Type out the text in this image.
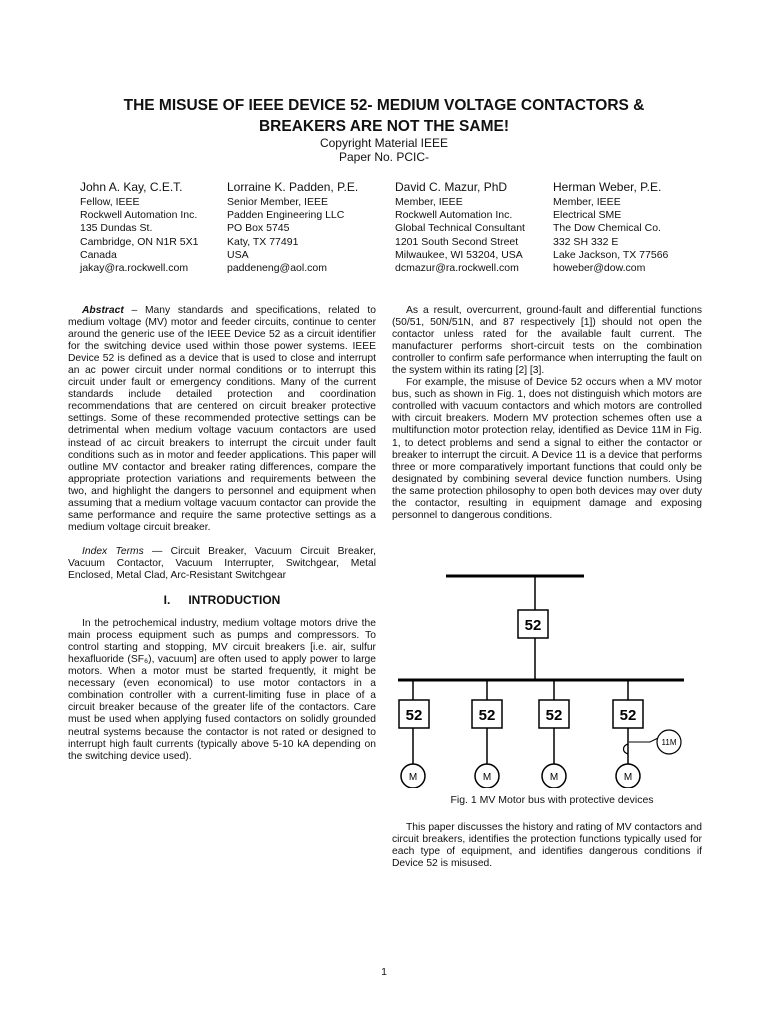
THE MISUSE OF IEEE DEVICE 52- MEDIUM VOLTAGE CONTACTORS &
BREAKERS ARE NOT THE SAME!
Copyright Material IEEE
Paper No. PCIC-
John A. Kay, C.E.T.
Fellow, IEEE
Rockwell Automation Inc.
135 Dundas St.
Cambridge, ON N1R 5X1
Canada
jakay@ra.rockwell.com
Lorraine K. Padden, P.E.
Senior Member, IEEE
Padden Engineering LLC
PO Box 5745
Katy, TX 77491
USA
paddeneng@aol.com
David C. Mazur, PhD
Member, IEEE
Rockwell Automation Inc.
Global Technical Consultant
1201 South Second Street
Milwaukee, WI 53204, USA
dcmazur@ra.rockwell.com
Herman Weber, P.E.
Member, IEEE
Electrical SME
The Dow Chemical Co.
332 SH 332 E
Lake Jackson, TX 77566
howeber@dow.com

Abstract – Many standards and specifications, related to medium voltage (MV) motor and feeder circuits, continue to center around the generic use of the IEEE Device 52 as a circuit identifier for the switching device used within those power systems. IEEE Device 52 is defined as a device that is used to close and interrupt an ac power circuit under normal conditions or to interrupt this circuit under fault or emergency conditions. Many of the current standards include detailed protection and coordination recommendations that are centered on circuit breaker protective settings. Some of these recommended protective settings can be detrimental when medium voltage vacuum contactors are used instead of ac circuit breakers to interrupt the circuit under fault conditions such as in motor and feeder applications. This paper will outline MV contactor and breaker rating differences, compare the appropriate protection variations and requirements between the two, and highlight the dangers to personnel and equipment when assuming that a medium voltage vacuum contactor can provide the same performance and require the same protective settings as a medium voltage circuit breaker.

Index Terms — Circuit Breaker, Vacuum Circuit Breaker, Vacuum Contactor, Vacuum Interrupter, Switchgear, Metal Enclosed, Metal Clad, Arc-Resistant Switchgear

I. INTRODUCTION

In the petrochemical industry, medium voltage motors drive the main process equipment such as pumps and compressors. To control starting and stopping, MV circuit breakers [i.e. air, sulfur hexafluoride (SF₆), vacuum] are often used to apply power to large motors. When a motor must be started frequently, it might be necessary (even economical) to use motor contactors in a combination controller with a current-limiting fuse in place of a circuit breaker because of the greater life of the contactors. Care must be used when applying fused contactors on solidly grounded neutral systems because the contactor is not rated or designed to interrupt high fault currents (typically above 5-10 kA depending on the switching device used).

As a result, overcurrent, ground-fault and differential functions (50/51, 50N/51N, and 87 respectively [1]) should not open the contactor unless rated for the available fault current. The manufacturer performs short-circuit tests on the combination controller to confirm safe performance when interrupting the fault on the system within its rating [2] [3].

For example, the misuse of Device 52 occurs when a MV motor bus, such as shown in Fig. 1, does not distinguish which motors are controlled with vacuum contactors and which motors are controlled with circuit breakers. Modern MV protection schemes often use a multifunction motor protection relay, identified as Device 11M in Fig. 1, to detect problems and send a signal to either the contactor or breaker to interrupt the circuit. A Device 11 is a device that performs three or more comparatively important functions that could only be designated by combining several device function numbers. Using the same protection philosophy to open both devices may over duty the contactor, resulting in equipment damage and exposing personnel to dangerous conditions.

52
52
M
52
M
52
M
52
11M
M
Fig. 1 MV Motor bus with protective devices

This paper discusses the history and rating of MV contactors and circuit breakers, identifies the protection functions typically used for each type of equipment, and identifies dangerous conditions if Device 52 is misused.

1
